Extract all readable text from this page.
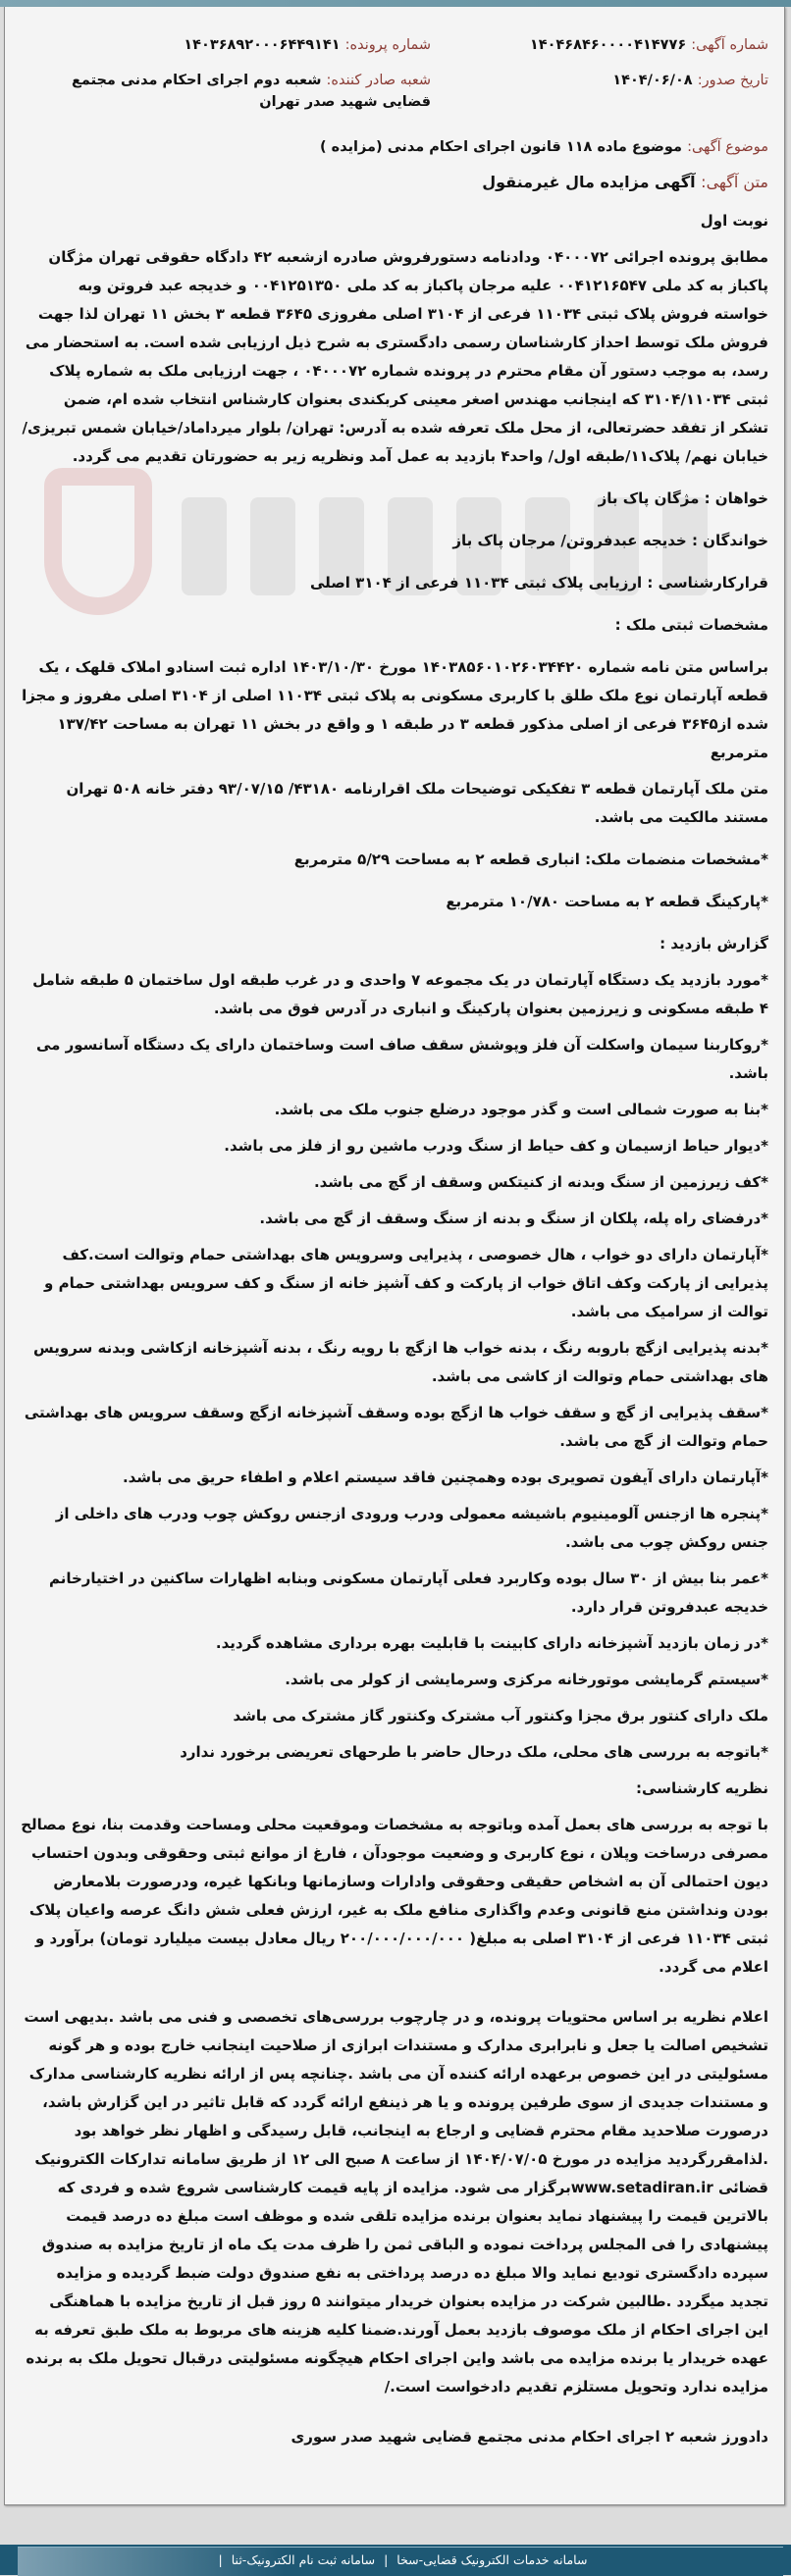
شماره آگهی: ۱۴۰۴۶۸۴۶۰۰۰۰۴۱۴۷۷۶
شماره پرونده: ۱۴۰۳۶۸۹۲۰۰۰۶۴۴۹۱۴۱
تاریخ صدور: ۱۴۰۴/۰۶/۰۸
شعبه صادر کننده: شعبه دوم اجرای احکام مدنی مجتمع قضایی شهید صدر تهران
موضوع آگهی: موضوع ماده ۱۱۸ قانون اجرای احکام مدنی (مزایده )
متن آگهی: آگهی مزایده مال غیرمنقول

نوبت اول

مطابق پرونده اجرائی ۰۴۰۰۰۷۲ ودادنامه دستورفروش صادره ازشعبه ۴۲ دادگاه حقوقی تهران مژگان پاکباز به کد ملی ۰۰۴۱۲۱۶۵۴۷ علیه مرجان پاکباز به کد ملی ۰۰۴۱۲۵۱۳۵۰ و خدیجه عبد فروتن وبه خواسته فروش پلاک ثبتی ۱۱۰۳۴ فرعی از ۳۱۰۴ اصلی مفروزی ۳۶۴۵ قطعه ۳ بخش ۱۱ تهران لذا جهت فروش ملک توسط احداز کارشناسان رسمی دادگستری به شرح ذیل ارزیابی شده است. به استحضار می رسد، به موجب دستور آن مقام محترم در پرونده شماره ۰۴۰۰۰۷۲ ، جهت ارزیابی ملک به شماره پلاک ثبتی ۳۱۰۴/۱۱۰۳۴ که اینجانب مهندس اصغر معینی کربکندی بعنوان کارشناس انتخاب شده ام، ضمن تشکر از تفقد حضرتعالی، از محل ملک تعرفه شده به آدرس: تهران/ بلوار میرداماد/خیابان شمس تبریزی/خیابان نهم/ پلاک۱۱/طبقه اول/ واحد۴ بازدید به عمل آمد ونظریه زیر به حضورتان تقدیم می گردد.

خواهان : مژگان پاک باز

خواندگان : خدیجه عبدفروتن/ مرجان پاک باز

قرارکارشناسی : ارزیابی پلاک ثبتی ۱۱۰۳۴ فرعی از ۳۱۰۴ اصلی

مشخصات ثبتی ملک :

براساس متن نامه شماره ۱۴۰۳۸۵۶۰۱۰۲۶۰۳۴۴۲۰ مورخ ۱۴۰۳/۱۰/۳۰ اداره ثبت اسنادو املاک قلهک ، یک قطعه آپارتمان نوع ملک طلق با کاربری مسکونی به پلاک ثبتی ۱۱۰۳۴ اصلی از ۳۱۰۴ اصلی مفروز و مجزا شده از۳۶۴۵ فرعی از اصلی مذکور قطعه ۳ در طبقه ۱ و واقع در بخش ۱۱ تهران به مساحت ۱۳۷/۴۲ مترمربع

متن ملک آپارتمان قطعه ۳ تفکیکی توضیحات ملک اقرارنامه ۴۳۱۸۰/ ۹۳/۰۷/۱۵ دفتر خانه ۵۰۸ تهران مستند مالکیت می باشد.

*مشخصات منضمات ملک: انباری قطعه ۲ به مساحت ۵/۲۹ مترمربع

*پارکینگ قطعه ۲ به مساحت ۱۰/۷۸۰ مترمربع

گزارش بازدید :

*مورد بازدید یک دستگاه آپارتمان در یک مجموعه ۷ واحدی و در غرب طبقه اول ساختمان ۵ طبقه شامل ۴ طبقه مسکونی و زیرزمین بعنوان پارکینگ و انباری در آدرس فوق می باشد.

*روکاربنا سیمان واسکلت آن فلز وپوشش سقف صاف است وساختمان دارای یک دستگاه آسانسور می باشد.

*بنا به صورت شمالی است و گذر موجود درضلع جنوب ملک می باشد.

*دیوار حیاط ازسیمان و کف حیاط از سنگ ودرب ماشین رو از فلز می باشد.

*کف زیرزمین از سنگ وبدنه از کنیتکس وسقف از گچ می باشد.

*درفضای راه پله، پلکان از سنگ و بدنه از سنگ وسقف از گچ می باشد.

*آپارتمان دارای دو خواب ، هال خصوصی ، پذیرایی وسرویس های بهداشتی حمام وتوالت است.کف پذیرایی از پارکت وکف اتاق خواب از پارکت و کف آشپز خانه از سنگ و کف سرویس بهداشتی حمام و توالت از سرامیک می باشد.

*بدنه پذیرایی ازگچ باروبه رنگ ، بدنه خواب ها ازگچ با رویه رنگ ، بدنه آشپزخانه ازکاشی وبدنه سرویس های بهداشتی حمام وتوالت از کاشی می باشد.

*سقف پذیرایی از گچ و سقف خواب ها ازگچ بوده وسقف آشپزخانه ازگچ وسقف سرویس های بهداشتی حمام وتوالت از گچ می باشد.

*آپارتمان دارای آیفون تصویری بوده وهمچنین فاقد سیستم اعلام و اطفاء حریق می باشد.

*پنجره ها ازجنس آلومینیوم باشیشه معمولی ودرب ورودی ازجنس روکش چوب ودرب های داخلی از جنس روکش چوب می باشد.

*عمر بنا بیش از ۳۰ سال بوده وکاربرد فعلی آپارتمان مسکونی وبنابه اظهارات ساکنین در اختیارخانم خدیجه عبدفروتن قرار دارد.

*در زمان بازدید آشپزخانه دارای کابینت با قابلیت بهره برداری مشاهده گردید.

*سیستم گرمایشی موتورخانه مرکزی وسرمایشی از کولر می باشد.

ملک دارای کنتور برق مجزا وکنتور آب مشترک وکنتور گاز مشترک می باشد

*باتوجه به بررسی های محلی، ملک درحال حاضر با طرحهای تعریضی برخورد ندارد

نظریه کارشناسی:

با توجه به بررسی های بعمل آمده وباتوجه به مشخصات وموقعیت محلی ومساحت وقدمت بنا، نوع مصالح مصرفی درساخت وپلان ، نوع کاربری و وضعیت موجودآن ، فارغ از موانع ثبتی وحقوقی وبدون احتساب دیون احتمالی آن به اشخاص حقیقی وحقوقی وادارات وسازمانها وبانکها غیره، ودرصورت بلامعارض بودن ونداشتن منع قانونی وعدم واگذاری منافع ملک به غیر، ارزش فعلی شش دانگ عرصه واعیان پلاک ثبتی ۱۱۰۳۴ فرعی از ۳۱۰۴ اصلی به مبلغ( ۲۰۰/۰۰۰/۰۰۰/۰۰۰ ریال معادل بیست میلیارد تومان) برآورد و اعلام می گردد.

اعلام نظریه بر اساس محتویات پرونده، و در چارچوب بررسی‌های تخصصی و فنی می باشد .بدیهی است تشخیص اصالت یا جعل و نابرابری مدارک و مستندات ابرازی از صلاحیت اینجانب خارج بوده و هر گونه مسئولیتی در این خصوص برعهده ارائه کننده آن می باشد .چنانچه پس از ارائه نظریه کارشناسی مدارک و مستندات جدیدی از سوی طرفین پرونده و یا هر ذینفع ارائه گردد که قابل تاثیر در این گزارش باشد، درصورت صلاحدید مقام محترم قضایی و ارجاع به اینجانب، قابل رسیدگی و اظهار نظر خواهد بود .لذامقررگردید مزایده در مورخ ۱۴۰۴/۰۷/۰۵ از ساعت ۸ صبح الی ۱۲ از طریق سامانه تدارکات الکترونیک قضائی www.setadiran.irبرگزار می شود. مزایده از پایه قیمت کارشناسی شروع شده و فردی که بالاترین قیمت را پیشنهاد نماید بعنوان برنده مزایده تلقی شده و موظف است مبلغ ده درصد قیمت پیشنهادی را فی المجلس پرداخت نموده و الباقی ثمن را ظرف مدت یک ماه از تاریخ مزایده به صندوق سپرده دادگستری تودیع نماید والا مبلغ ده درصد پرداختی به نفع صندوق دولت ضبط گردیده و مزایده تجدید میگردد .طالبین شرکت در مزایده بعنوان خریدار میتوانند ۵ روز قبل از تاریخ مزایده با هماهنگی این اجرای احکام از ملک موصوف بازدید بعمل آورند.ضمنا کلیه هزینه های مربوط به ملک طبق تعرفه به عهده خریدار یا برنده مزایده می باشد واین اجرای احکام هیچگونه مسئولیتی درقبال تحویل ملک به برنده مزایده ندارد وتحویل مستلزم تقدیم دادخواست است./

دادورز شعبه ۲ اجرای احکام مدنی مجتمع قضایی شهید صدر سوری

سامانه خدمات الکترونیک قضایی-سخا | سامانه ثبت نام الکترونیک-ثنا |
